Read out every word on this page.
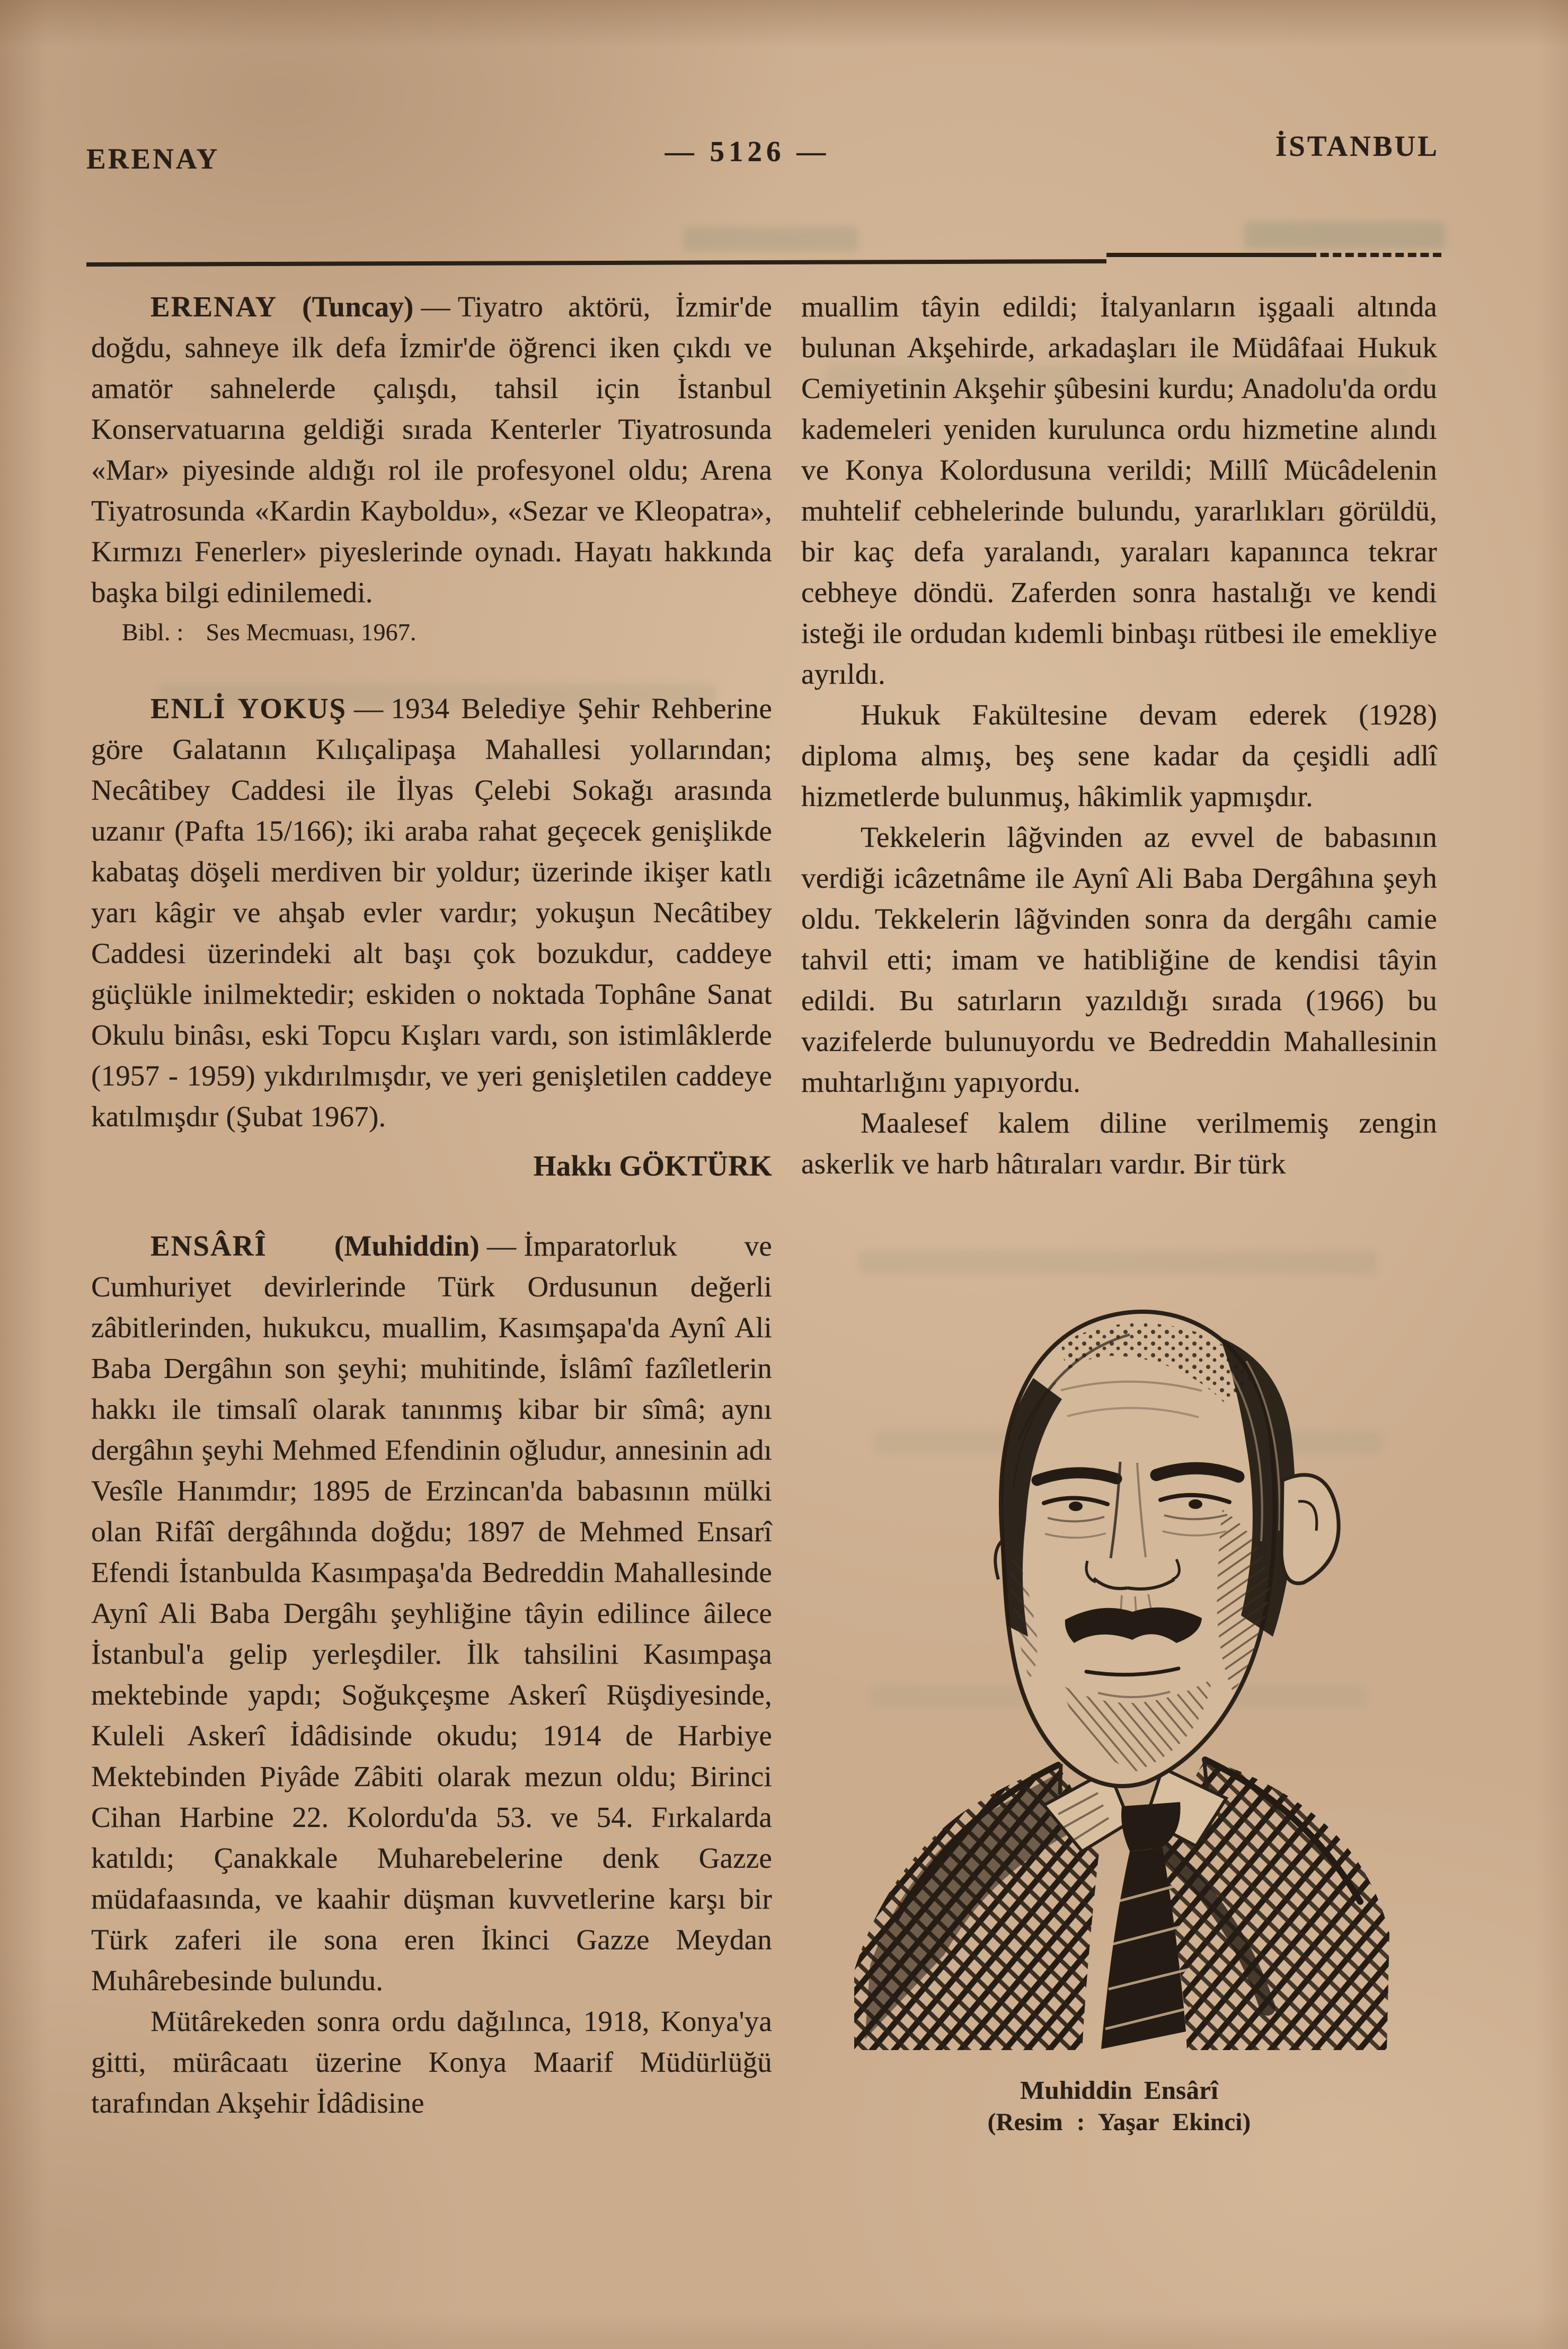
ERENAY	— 5126 —	İSTANBUL

ERENAY (Tuncay) — Tiyatro aktörü, İzmir'de doğdu, sahneye ilk defa İzmir'de öğrenci iken çıkdı ve amatör sahnelerde çalışdı, tahsil için İstanbul Konservatuarına geldiği sırada Kenterler Tiyatrosunda «Mar» piyesinde aldığı rol ile profesyonel oldu; Arena Tiyatrosunda «Kardin Kayboldu», «Sezar ve Kleopatra», Kırmızı Fenerler» piyeslerinde oynadı. Hayatı hakkında başka bilgi edinilemedi.

Bibl. : Ses Mecmuası, 1967.

ENLİ YOKUŞ — 1934 Belediye Şehir Rehberine göre Galatanın Kılıçalipaşa Mahallesi yollarından; Necâtibey Caddesi ile İlyas Çelebi Sokağı arasında uzanır (Pafta 15/166); iki araba rahat geçecek genişlikde kabataş döşeli merdiven bir yoldur; üzerinde ikişer katlı yarı kâgir ve ahşab evler vardır; yokuşun Necâtibey Caddesi üzerindeki alt başı çok bozukdur, caddeye güçlükle inilmektedir; eskiden o noktada Tophâne Sanat Okulu binâsı, eski Topcu Kışları vardı, son istimlâklerde (1957 - 1959) yıkdırılmışdır, ve yeri genişletilen caddeye katılmışdır (Şubat 1967).

Hakkı GÖKTÜRK

ENSÂRÎ (Muhiddin) — İmparatorluk ve Cumhuriyet devirlerinde Türk Ordusunun değerli zâbitlerinden, hukukcu, muallim, Kasımşapa'da Aynî Ali Baba Dergâhın son şeyhi; muhitinde, İslâmî fazîletlerin hakkı ile timsalî olarak tanınmış kibar bir sîmâ; aynı dergâhın şeyhi Mehmed Efendinin oğludur, annesinin adı Vesîle Hanımdır; 1895 de Erzincan'da babasının mülki olan Rifâî dergâhında doğdu; 1897 de Mehmed Ensarî Efendi İstanbulda Kasımpaşa'da Bedreddin Mahallesinde Aynî Ali Baba Dergâhı şeyhliğine tâyin edilince âilece İstanbul'a gelip yerleşdiler. İlk tahsilini Kasımpaşa mektebinde yapdı; Soğukçeşme Askerî Rüşdiyesinde, Kuleli Askerî İdâdisinde okudu; 1914 de Harbiye Mektebinden Piyâde Zâbiti olarak mezun oldu; Birinci Cihan Harbine 22. Kolordu'da 53. ve 54. Fırkalarda katıldı; Çanakkale Muharebelerine denk Gazze müdafaasında, ve kaahir düşman kuvvetlerine karşı bir Türk zaferi ile sona eren İkinci Gazze Meydan Muhârebesinde bulundu.

Mütârekeden sonra ordu dağılınca, 1918, Konya'ya gitti, mürâcaatı üzerine Konya Maarif Müdürlüğü tarafından Akşehir İdâdisine

muallim tâyin edildi; İtalyanların işgaali altında bulunan Akşehirde, arkadaşları ile Müdâfaai Hukuk Cemiyetinin Akşehir şûbesini kurdu; Anadolu'da ordu kademeleri yeniden kurulunca ordu hizmetine alındı ve Konya Kolordusuna verildi; Millî Mücâdelenin muhtelif cebhelerinde bulundu, yararlıkları görüldü, bir kaç defa yaralandı, yaraları kapanınca tekrar cebheye döndü. Zaferden sonra hastalığı ve kendi isteği ile ordudan kıdemli binbaşı rütbesi ile emekliye ayrıldı.

Hukuk Fakültesine devam ederek (1928) diploma almış, beş sene kadar da çeşidli adlî hizmetlerde bulunmuş, hâkimlik yapmışdır.

Tekkelerin lâğvinden az evvel de babasının verdiği icâzetnâme ile Aynî Ali Baba Dergâhına şeyh oldu. Tekkelerin lâğvinden sonra da dergâhı camie tahvil etti; imam ve hatibliğine de kendisi tâyin edildi. Bu satırların yazıldığı sırada (1966) bu vazifelerde bulunuyordu ve Bedreddin Mahallesinin muhtarlığını yapıyordu.

Maalesef kalem diline verilmemiş zengin askerlik ve harb hâtıraları vardır. Bir türk

Muhiddin Ensârî
(Resim : Yaşar Ekinci)
